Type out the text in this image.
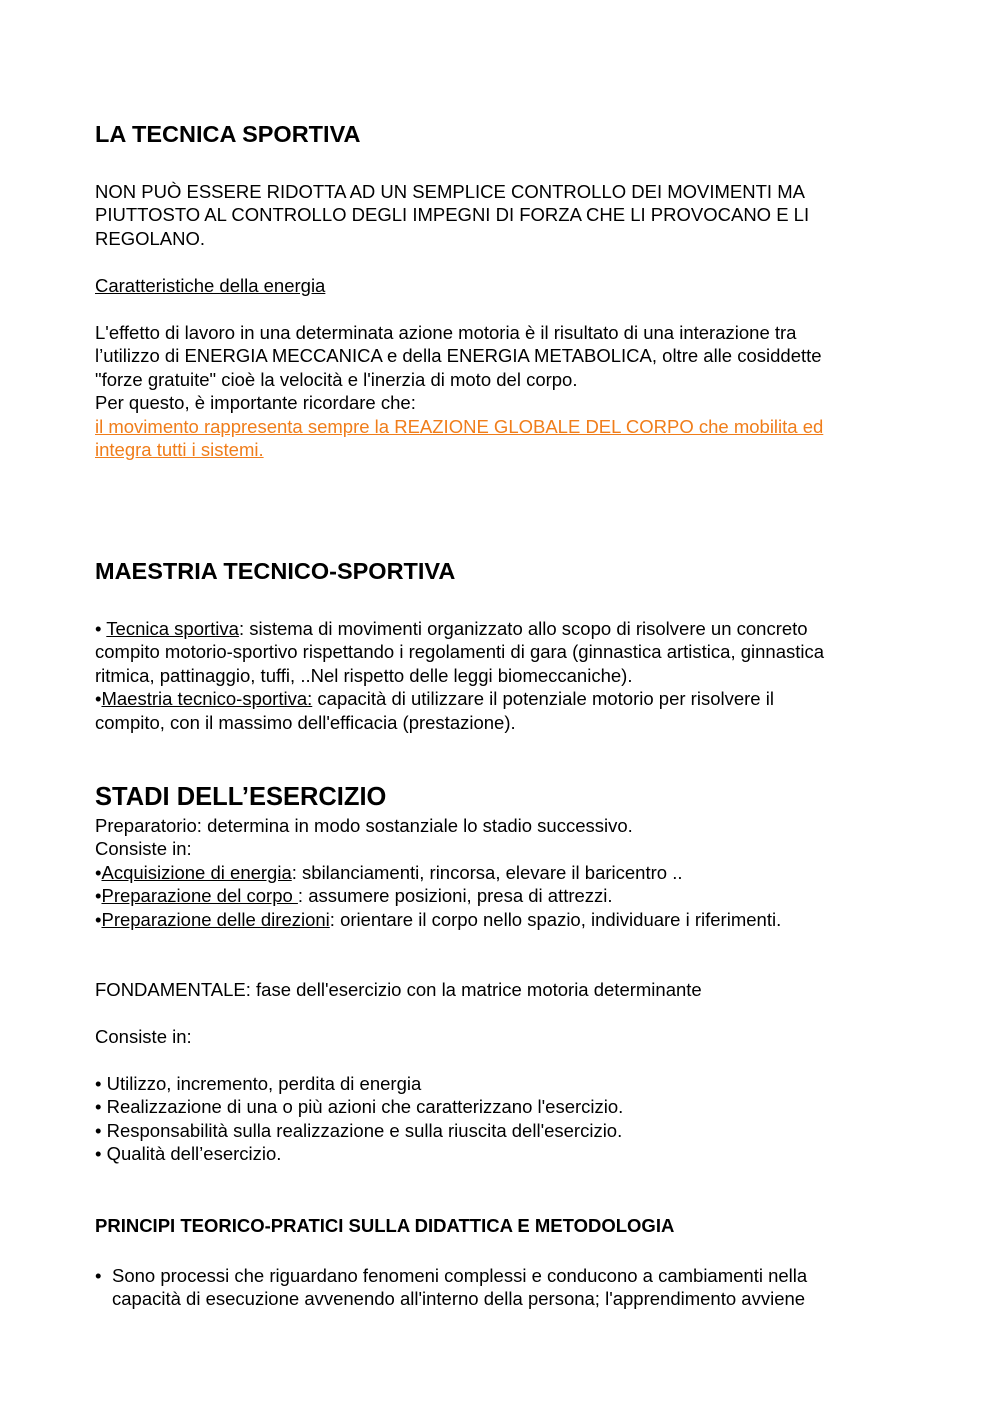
LA TECNICA SPORTIVA
NON PUÒ ESSERE RIDOTTA AD UN SEMPLICE CONTROLLO DEI MOVIMENTI MA
PIUTTOSTO AL CONTROLLO DEGLI IMPEGNI DI FORZA CHE LI PROVOCANO E LI
REGOLANO.
Caratteristiche della energia
L'effetto di lavoro in una determinata azione motoria è il risultato di una interazione tra
l’utilizzo di ENERGIA MECCANICA e della ENERGIA METABOLICA, oltre alle cosiddette
"forze gratuite" cioè la velocità e l'inerzia di moto del corpo.
Per questo, è importante ricordare che:
il movimento rappresenta sempre la REAZIONE GLOBALE DEL CORPO che mobilita ed
integra tutti i sistemi.
MAESTRIA TECNICO-SPORTIVA
• Tecnica sportiva: sistema di movimenti organizzato allo scopo di risolvere un concreto
compito motorio-sportivo rispettando i regolamenti di gara (ginnastica artistica, ginnastica
ritmica, pattinaggio, tuffi, ..Nel rispetto delle leggi biomeccaniche).
•Maestria tecnico-sportiva: capacità di utilizzare il potenziale motorio per risolvere il
compito, con il massimo dell'efficacia (prestazione).
STADI DELL’ESERCIZIO
Preparatorio: determina in modo sostanziale lo stadio successivo.
Consiste in:
•Acquisizione di energia: sbilanciamenti, rincorsa, elevare il baricentro ..
•Preparazione del corpo : assumere posizioni, presa di attrezzi.
•Preparazione delle direzioni: orientare il corpo nello spazio, individuare i riferimenti.
FONDAMENTALE: fase dell'esercizio con la matrice motoria determinante
Consiste in:
• Utilizzo, incremento, perdita di energia
• Realizzazione di una o più azioni che caratterizzano l'esercizio.
• Responsabilità sulla realizzazione e sulla riuscita dell'esercizio.
• Qualità dell’esercizio.
PRINCIPI TEORICO-PRATICI SULLA DIDATTICA E METODOLOGIA
• Sono processi che riguardano fenomeni complessi e conducono a cambiamenti nella
capacità di esecuzione avvenendo all'interno della persona; l'apprendimento avviene
